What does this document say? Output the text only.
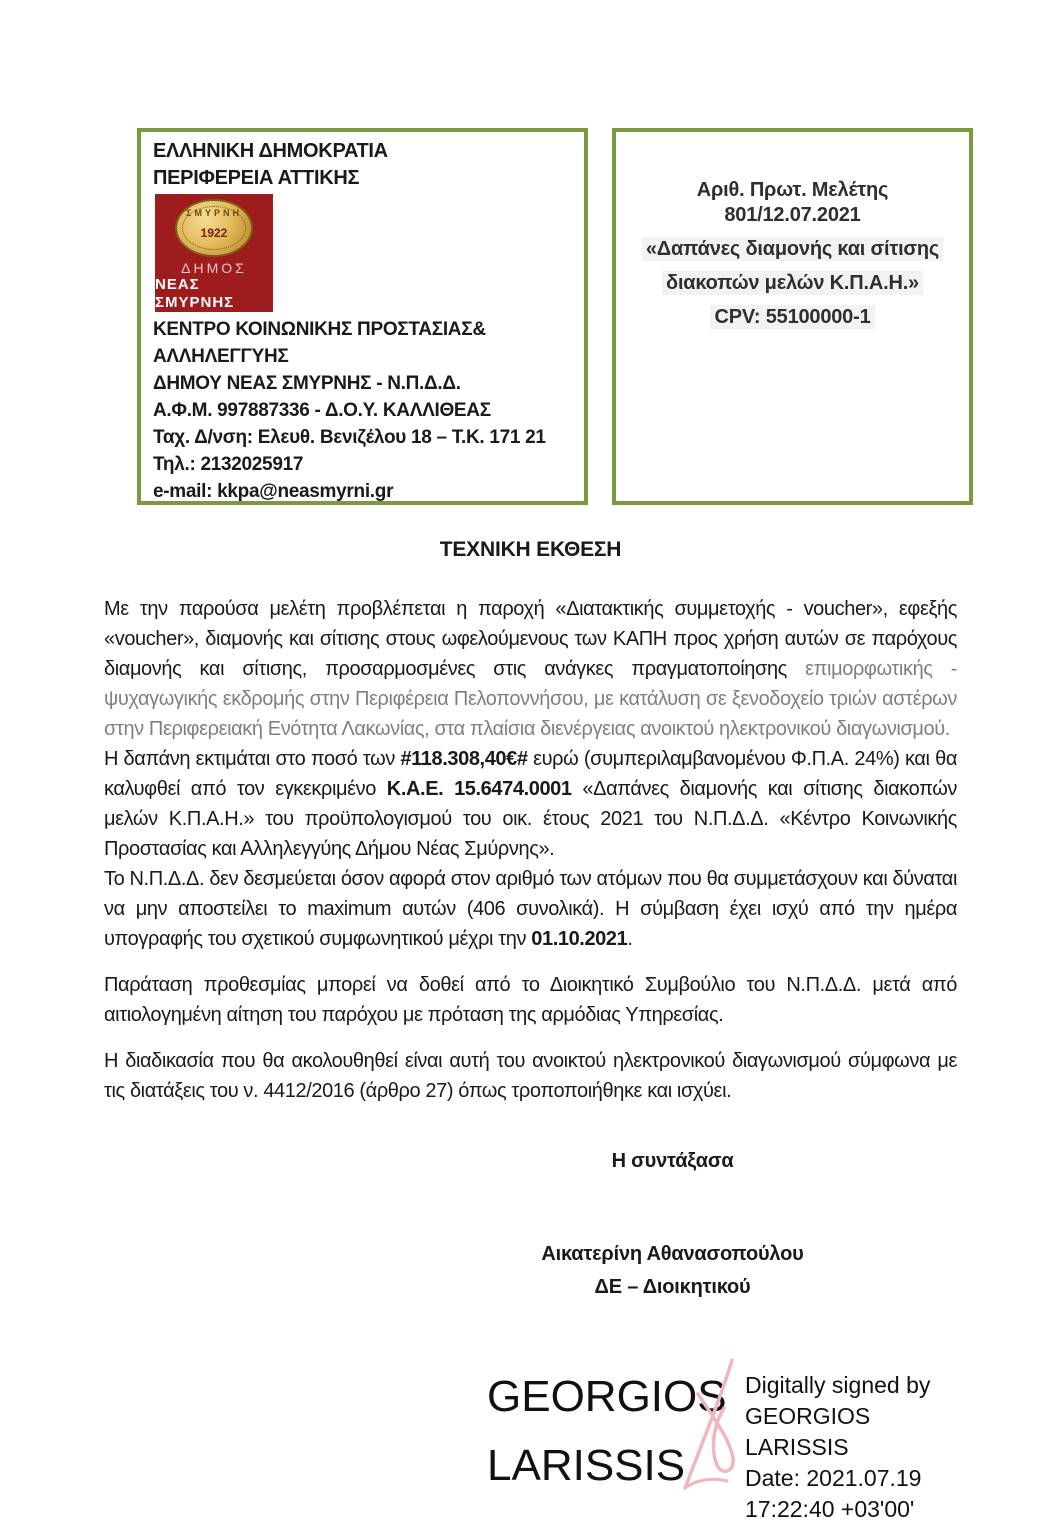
ΕΛΛΗΝΙΚΗ ΔΗΜΟΚΡΑΤΙΑ
ΠΕΡΙΦΕΡΕΙΑ ΑΤΤΙΚΗΣ
ΣΜΥΡΝΗ
1922
ΔΗΜΟΣ
ΝΕΑΣ ΣΜΥΡΝΗΣ
ΚΕΝΤΡΟ ΚΟΙΝΩΝΙΚΗΣ ΠΡΟΣΤΑΣΙΑΣ&
ΑΛΛΗΛΕΓΓΥΗΣ
ΔΗΜΟΥ ΝΕΑΣ ΣΜΥΡΝΗΣ - Ν.Π.Δ.Δ.
Α.Φ.Μ. 997887336 - Δ.Ο.Υ. ΚΑΛΛΙΘΕΑΣ
Ταχ. Δ/νση: Ελευθ. Βενιζέλου 18 – Τ.Κ. 171 21
Τηλ.: 2132025917
e-mail: kkpa@neasmyrni.gr
Αριθ. Πρωτ. Μελέτης 801/12.07.2021
«Δαπάνες διαμονής και σίτισης
διακοπών μελών Κ.Π.Α.Η.»
CPV: 55100000-1
ΤΕΧΝΙΚΗ ΕΚΘΕΣΗ

Με την παρούσα μελέτη προβλέπεται η παροχή «Διατακτικής συμμετοχής - voucher», εφεξής «voucher», διαμονής και σίτισης στους ωφελούμενους των ΚΑΠΗ προς χρήση αυτών σε παρόχους διαμονής και σίτισης, προσαρμοσμένες στις ανάγκες πραγματοποίησης επιμορφωτικής - ψυχαγωγικής εκδρομής στην Περιφέρεια Πελοποννήσου, με κατάλυση σε ξενοδοχείο τριών αστέρων στην Περιφερειακή Ενότητα Λακωνίας, στα πλαίσια διενέργειας ανοικτού ηλεκτρονικού διαγωνισμού.

Η δαπάνη εκτιμάται στο ποσό των #118.308,40€# ευρώ (συμπεριλαμβανομένου Φ.Π.Α. 24%) και θα καλυφθεί από τον εγκεκριμένο Κ.Α.Ε. 15.6474.0001 «Δαπάνες διαμονής και σίτισης διακοπών μελών Κ.Π.Α.Η.» του προϋπολογισμού του οικ. έτους 2021 του Ν.Π.Δ.Δ. «Κέντρο Κοινωνικής Προστασίας και Αλληλεγγύης Δήμου Νέας Σμύρνης».

Το Ν.Π.Δ.Δ. δεν δεσμεύεται όσον αφορά στον αριθμό των ατόμων που θα συμμετάσχουν και δύναται να μην αποστείλει το maximum αυτών (406 συνολικά). Η σύμβαση έχει ισχύ από την ημέρα υπογραφής του σχετικού συμφωνητικού μέχρι την 01.10.2021.

Παράταση προθεσμίας μπορεί να δοθεί από το Διοικητικό Συμβούλιο του Ν.Π.Δ.Δ. μετά από αιτιολογημένη αίτηση του παρόχου με πρόταση της αρμόδιας Υπηρεσίας.

Η διαδικασία που θα ακολουθηθεί είναι αυτή του ανοικτού ηλεκτρονικού διαγωνισμού σύμφωνα με τις διατάξεις του ν. 4412/2016 (άρθρο 27) όπως τροποποιήθηκε και ισχύει.

Η συντάξασα
Αικατερίνη Αθανασοπούλου
ΔΕ – Διοικητικού
GEORGIOS
LARISSIS
Digitally signed by
GEORGIOS LARISSIS
Date: 2021.07.19
17:22:40 +03'00'
